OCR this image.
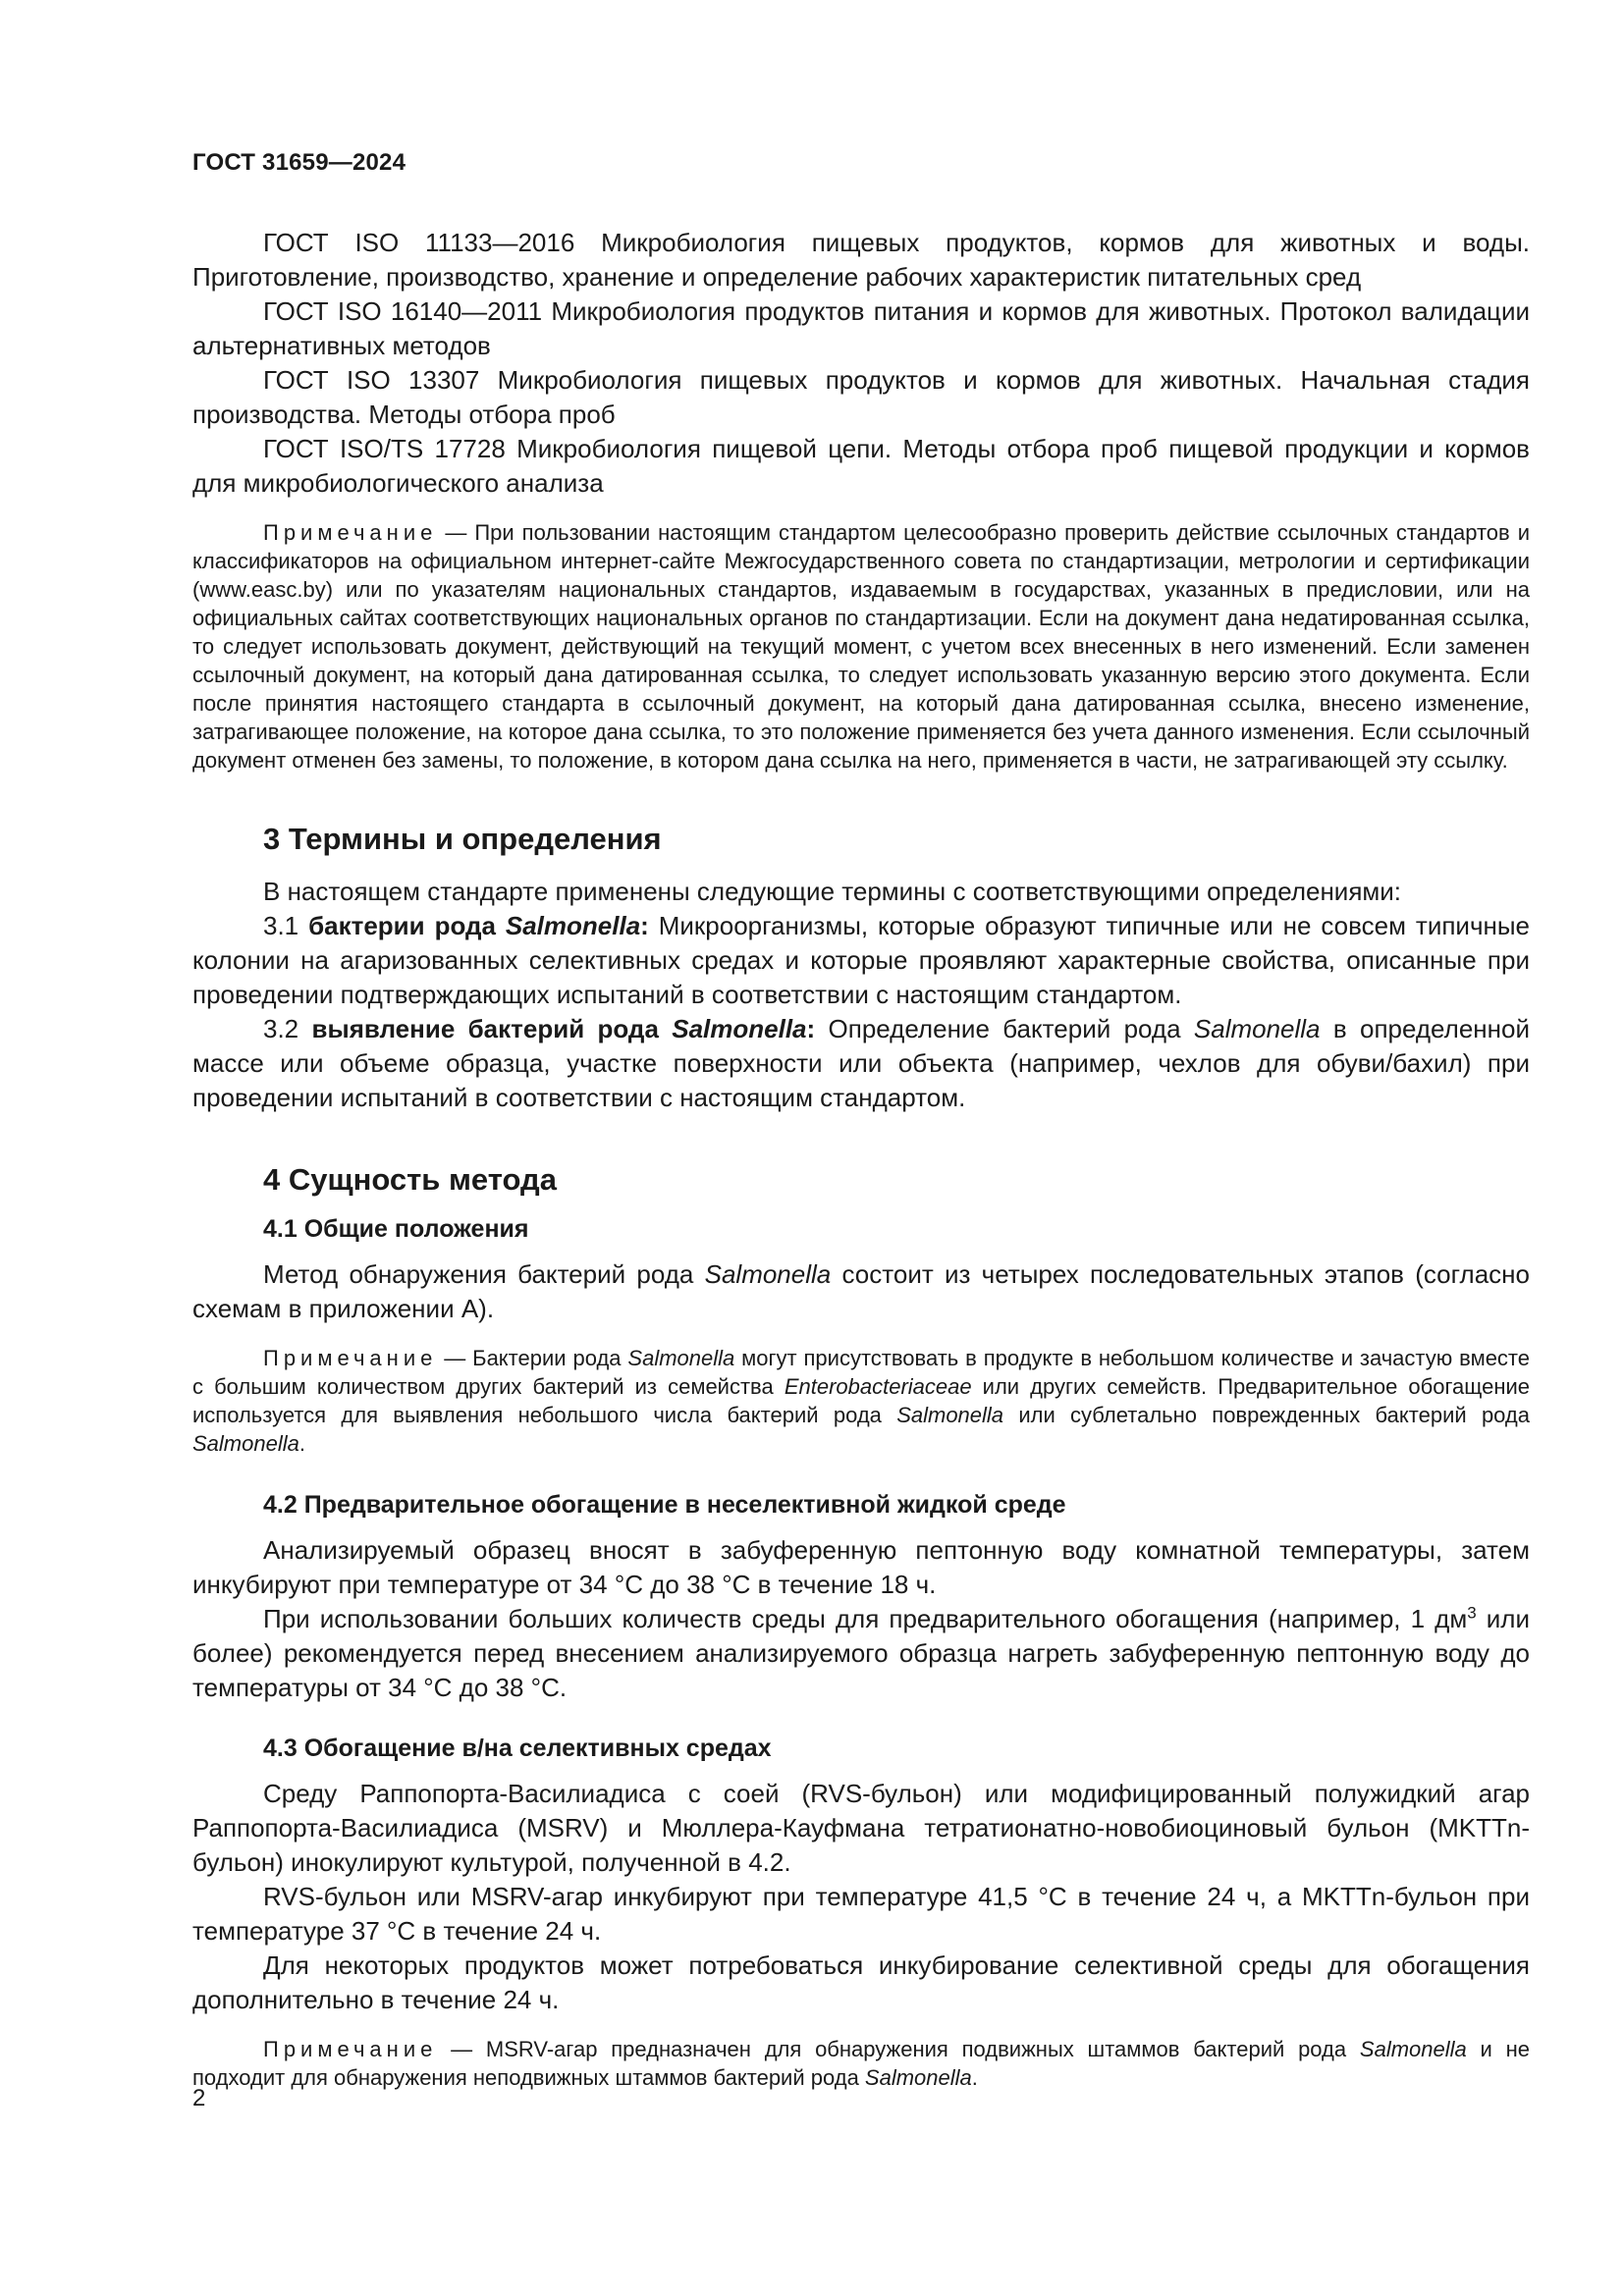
ГОСТ 31659—2024

ГОСТ ISO 11133—2016 Микробиология пищевых продуктов, кормов для животных и воды. Приготовление, производство, хранение и определение рабочих характеристик питательных сред

ГОСТ ISO 16140—2011 Микробиология продуктов питания и кормов для животных. Протокол валидации альтернативных методов

ГОСТ ISO 13307 Микробиология пищевых продуктов и кормов для животных. Начальная стадия производства. Методы отбора проб

ГОСТ ISO/TS 17728 Микробиология пищевой цепи. Методы отбора проб пищевой продукции и кормов для микробиологического анализа

Примечание — При пользовании настоящим стандартом целесообразно проверить действие ссылочных стандартов и классификаторов на официальном интернет-сайте Межгосударственного совета по стандартизации, метрологии и сертификации (www.easc.by) или по указателям национальных стандартов, издаваемым в государствах, указанных в предисловии, или на официальных сайтах соответствующих национальных органов по стандартизации. Если на документ дана недатированная ссылка, то следует использовать документ, действующий на текущий момент, с учетом всех внесенных в него изменений. Если заменен ссылочный документ, на который дана датированная ссылка, то следует использовать указанную версию этого документа. Если после принятия настоящего стандарта в ссылочный документ, на который дана датированная ссылка, внесено изменение, затрагивающее положение, на которое дана ссылка, то это положение применяется без учета данного изменения. Если ссылочный документ отменен без замены, то положение, в котором дана ссылка на него, применяется в части, не затрагивающей эту ссылку.

3 Термины и определения

В настоящем стандарте применены следующие термины с соответствующими определениями:

3.1 бактерии рода Salmonella: Микроорганизмы, которые образуют типичные или не совсем типичные колонии на агаризованных селективных средах и которые проявляют характерные свойства, описанные при проведении подтверждающих испытаний в соответствии с настоящим стандартом.

3.2 выявление бактерий рода Salmonella: Определение бактерий рода Salmonella в определенной массе или объеме образца, участке поверхности или объекта (например, чехлов для обуви/бахил) при проведении испытаний в соответствии с настоящим стандартом.

4 Сущность метода
4.1 Общие положения

Метод обнаружения бактерий рода Salmonella состоит из четырех последовательных этапов (согласно схемам в приложении А).

Примечание — Бактерии рода Salmonella могут присутствовать в продукте в небольшом количестве и зачастую вместе с большим количеством других бактерий из семейства Enterobacteriaceae или других семейств. Предварительное обогащение используется для выявления небольшого числа бактерий рода Salmonella или сублетально поврежденных бактерий рода Salmonella.

4.2 Предварительное обогащение в неселективной жидкой среде

Анализируемый образец вносят в забуференную пептонную воду комнатной температуры, затем инкубируют при температуре от 34 °С до 38 °С в течение 18 ч.

При использовании больших количеств среды для предварительного обогащения (например, 1 $дм^3$ или более) рекомендуется перед внесением анализируемого образца нагреть забуференную пептонную воду до температуры от 34 °С до 38 °С.

4.3 Обогащение в/на селективных средах

Среду Раппопорта-Василиадиса с соей (RVS-бульон) или модифицированный полужидкий агар Раппопорта-Василиадиса (MSRV) и Мюллера-Кауфмана тетратионатно-новобиоциновый бульон (MKTTn-бульон) инокулируют культурой, полученной в 4.2.

RVS-бульон или MSRV-агар инкубируют при температуре 41,5 °С в течение 24 ч, а MKTTn-бульон при температуре 37 °С в течение 24 ч.

Для некоторых продуктов может потребоваться инкубирование селективной среды для обогащения дополнительно в течение 24 ч.

Примечание — MSRV-агар предназначен для обнаружения подвижных штаммов бактерий рода Salmonella и не подходит для обнаружения неподвижных штаммов бактерий рода Salmonella.

2
